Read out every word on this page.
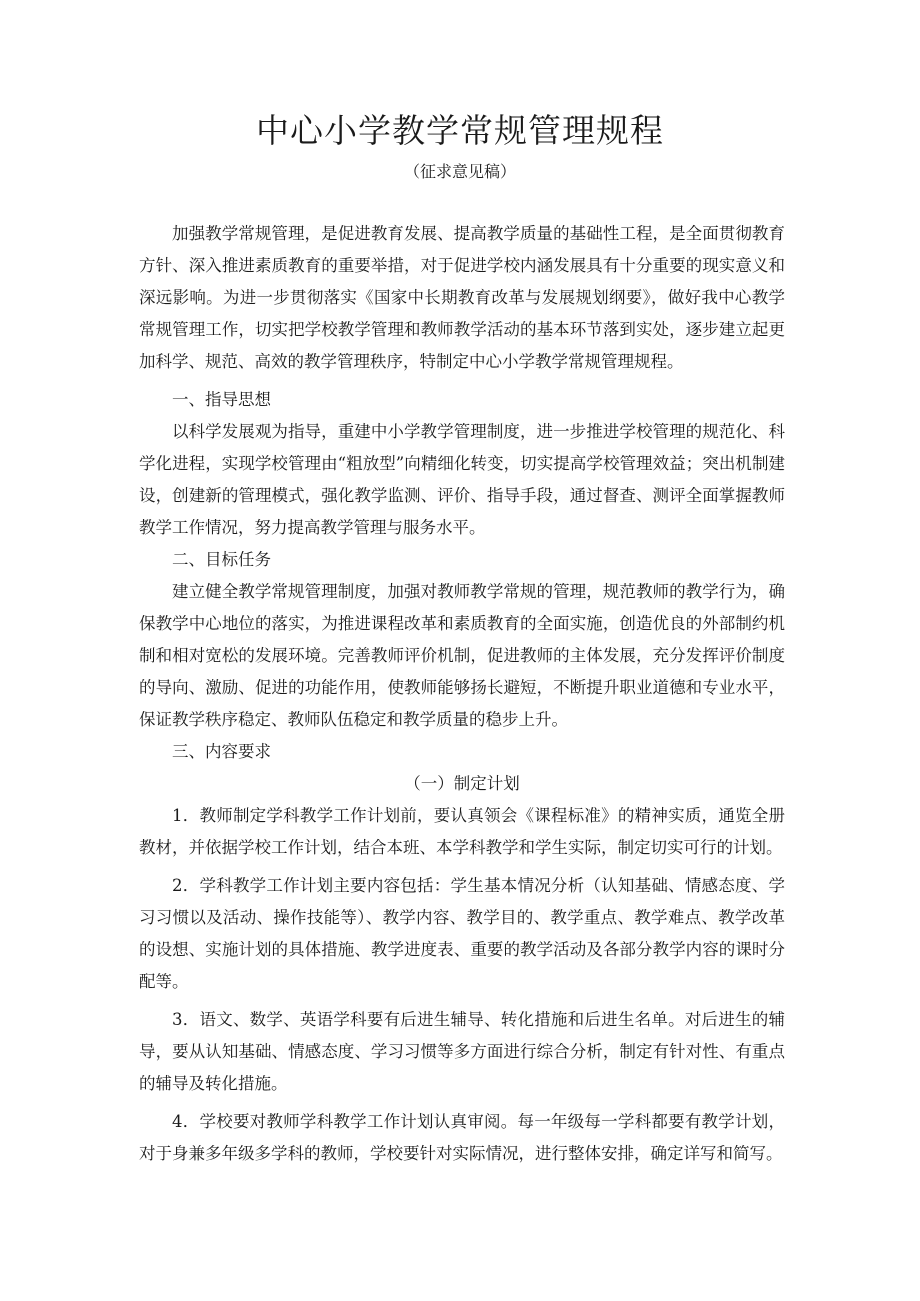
中心小学教学常规管理规程
（征求意见稿）

加强教学常规管理，是促进教育发展、提高教学质量的基础性工程，是全面贯彻教育方针、深入推进素质教育的重要举措，对于促进学校内涵发展具有十分重要的现实意义和深远影响。为进一步贯彻落实《国家中长期教育改革与发展规划纲要》，做好我中心教学常规管理工作，切实把学校教学管理和教师教学活动的基本环节落到实处，逐步建立起更加科学、规范、高效的教学管理秩序，特制定中心小学教学常规管理规程。

一、指导思想

以科学发展观为指导，重建中小学教学管理制度，进一步推进学校管理的规范化、科学化进程，实现学校管理由“粗放型”向精细化转变，切实提高学校管理效益；突出机制建设，创建新的管理模式，强化教学监测、评价、指导手段，通过督查、测评全面掌握教师教学工作情况，努力提高教学管理与服务水平。

二、目标任务

建立健全教学常规管理制度，加强对教师教学常规的管理，规范教师的教学行为，确保教学中心地位的落实，为推进课程改革和素质教育的全面实施，创造优良的外部制约机制和相对宽松的发展环境。完善教师评价机制，促进教师的主体发展，充分发挥评价制度的导向、激励、促进的功能作用，使教师能够扬长避短，不断提升职业道德和专业水平，保证教学秩序稳定、教师队伍稳定和教学质量的稳步上升。

三、内容要求
（一）制定计划

1．教师制定学科教学工作计划前，要认真领会《课程标准》的精神实质，通览全册教材，并依据学校工作计划，结合本班、本学科教学和学生实际，制定切实可行的计划。

2．学科教学工作计划主要内容包括：学生基本情况分析（认知基础、情感态度、学习习惯以及活动、操作技能等）、教学内容、教学目的、教学重点、教学难点、教学改革的设想、实施计划的具体措施、教学进度表、重要的教学活动及各部分教学内容的课时分配等。

3．语文、数学、英语学科要有后进生辅导、转化措施和后进生名单。对后进生的辅导，要从认知基础、情感态度、学习习惯等多方面进行综合分析，制定有针对性、有重点的辅导及转化措施。

4．学校要对教师学科教学工作计划认真审阅。每一年级每一学科都要有教学计划，对于身兼多年级多学科的教师，学校要针对实际情况，进行整体安排，确定详写和简写。
